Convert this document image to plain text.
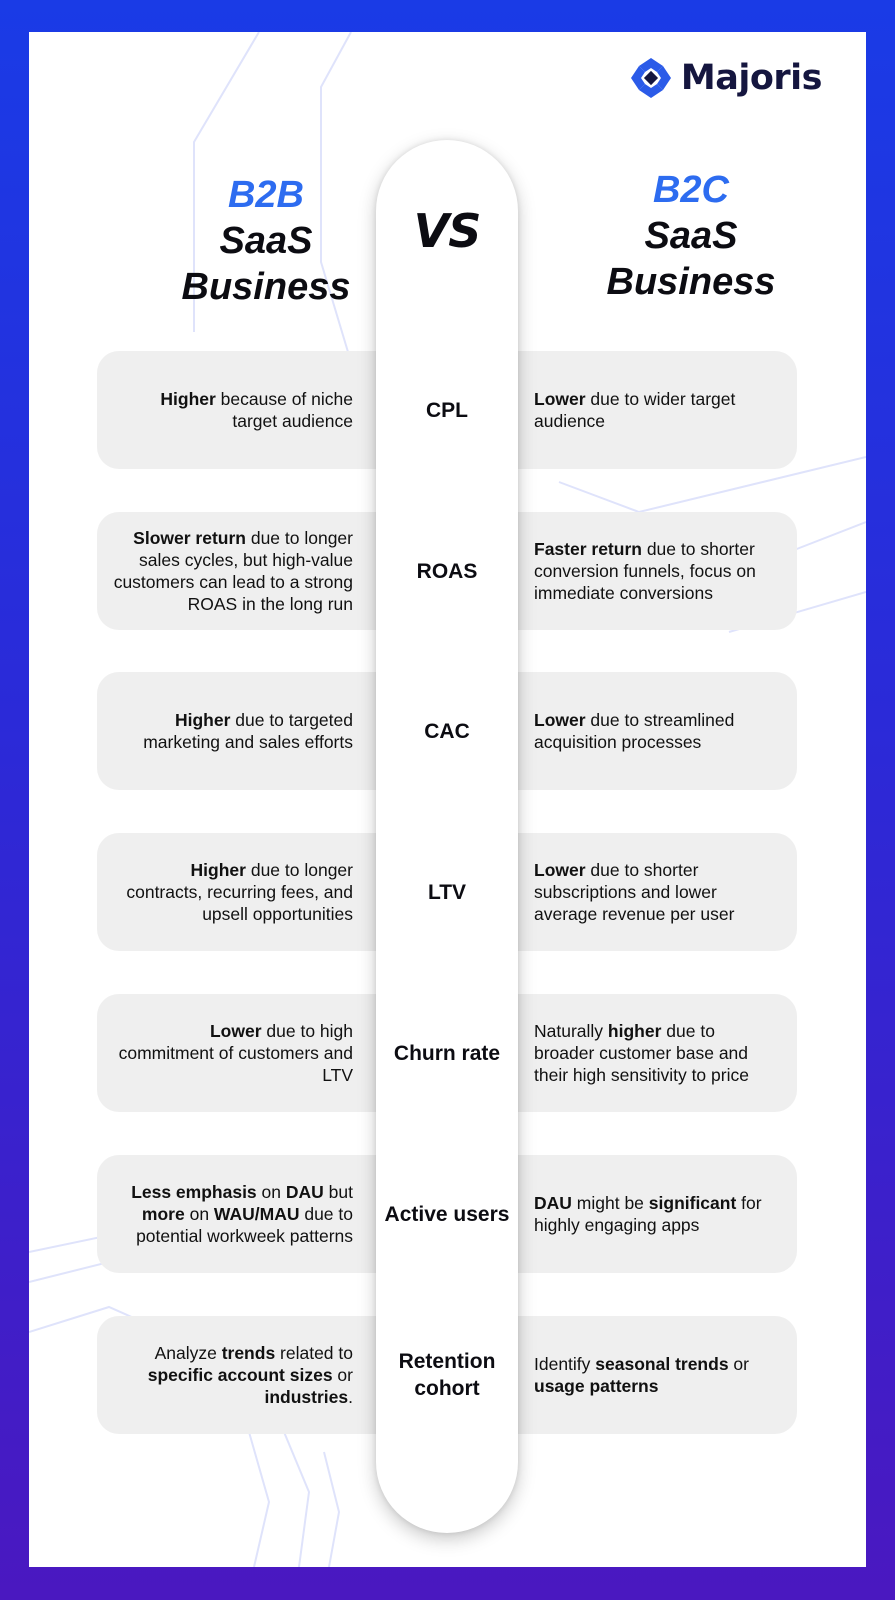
Majoris
B2B
SaaS
Business
B2C
SaaS
Business

Higher because of niche target audience

Lower due to wider target audience

Slower return due to longer sales cycles, but high-value customers can lead to a strong ROAS in the long run

Faster return due to shorter conversion funnels, focus on immediate conversions

Higher due to targeted marketing and sales efforts

Lower due to streamlined acquisition processes

Higher due to longer contracts, recurring fees, and upsell opportunities

Lower due to shorter subscriptions and lower average revenue per user

Lower due to high commitment of customers and LTV

Naturally higher due to broader customer base and their high sensitivity to price

Less emphasis on DAU but more on WAU/MAU due to potential workweek patterns

DAU might be significant for highly engaging apps

Analyze trends related to specific account sizes or industries.

Identify seasonal trends or usage patterns

VS
CPL
ROAS
CAC
LTV
Churn rate
Active users
Retention cohort
